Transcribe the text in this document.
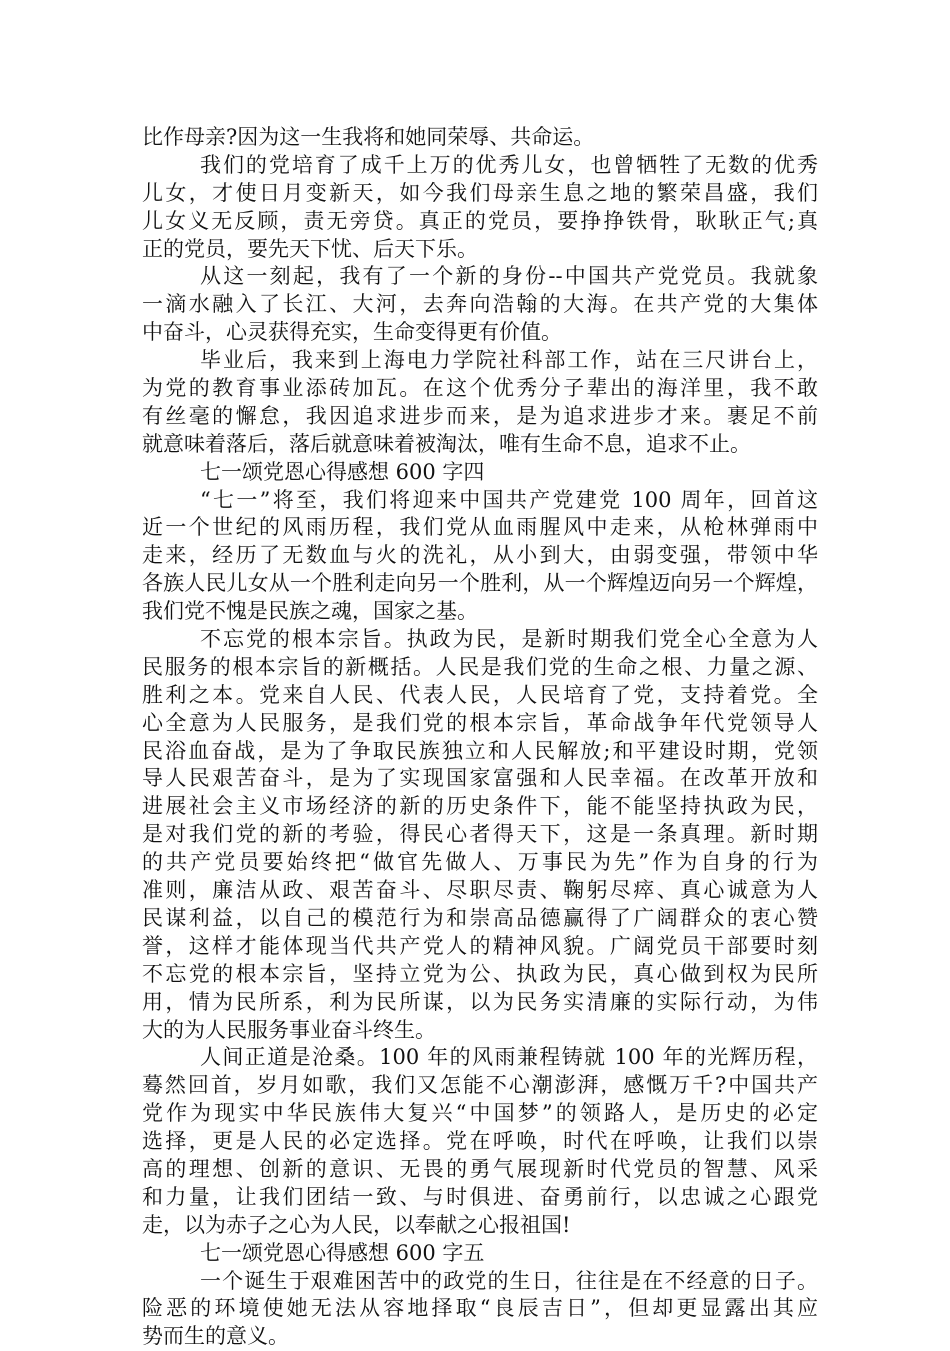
比作母亲?因为这一生我将和她同荣辱、共命运。
我们的党培育了成千上万的优秀儿女，也曾牺牲了无数的优秀
儿女，才使日月变新天，如今我们母亲生息之地的繁荣昌盛，我们
儿女义无反顾，责无旁贷。真正的党员，要挣挣铁骨，耿耿正气;真
正的党员，要先天下忧、后天下乐。
从这一刻起，我有了一个新的身份--中国共产党党员。我就象
一滴水融入了长江、大河，去奔向浩翰的大海。在共产党的大集体
中奋斗，心灵获得充实，生命变得更有价值。
毕业后，我来到上海电力学院社科部工作，站在三尺讲台上，
为党的教育事业添砖加瓦。在这个优秀分子辈出的海洋里，我不敢
有丝毫的懈怠，我因追求进步而来，是为追求进步才来。裹足不前
就意味着落后，落后就意味着被淘汰，唯有生命不息，追求不止。
七一颂党恩心得感想 600 字四
“七一”将至，我们将迎来中国共产党建党 100 周年，回首这
近一个世纪的风雨历程，我们党从血雨腥风中走来，从枪林弹雨中
走来，经历了无数血与火的洗礼，从小到大，由弱变强，带领中华
各族人民儿女从一个胜利走向另一个胜利，从一个辉煌迈向另一个辉煌，
我们党不愧是民族之魂，国家之基。
不忘党的根本宗旨。执政为民，是新时期我们党全心全意为人
民服务的根本宗旨的新概括。人民是我们党的生命之根、力量之源、
胜利之本。党来自人民、代表人民，人民培育了党，支持着党。全
心全意为人民服务，是我们党的根本宗旨，革命战争年代党领导人
民浴血奋战，是为了争取民族独立和人民解放;和平建设时期，党领
导人民艰苦奋斗，是为了实现国家富强和人民幸福。在改革开放和
进展社会主义市场经济的新的历史条件下，能不能坚持执政为民，
是对我们党的新的考验，得民心者得天下，这是一条真理。新时期
的共产党员要始终把“做官先做人、万事民为先”作为自身的行为
准则，廉洁从政、艰苦奋斗、尽职尽责、鞠躬尽瘁、真心诚意为人
民谋利益，以自己的模范行为和崇高品德赢得了广阔群众的衷心赞
誉，这样才能体现当代共产党人的精神风貌。广阔党员干部要时刻
不忘党的根本宗旨，坚持立党为公、执政为民，真心做到权为民所
用，情为民所系，利为民所谋，以为民务实清廉的实际行动，为伟
大的为人民服务事业奋斗终生。
人间正道是沧桑。100 年的风雨兼程铸就 100 年的光辉历程，
蓦然回首，岁月如歌，我们又怎能不心潮澎湃，感慨万千?中国共产
党作为现实中华民族伟大复兴“中国梦”的领路人，是历史的必定
选择，更是人民的必定选择。党在呼唤，时代在呼唤，让我们以崇
高的理想、创新的意识、无畏的勇气展现新时代党员的智慧、风采
和力量，让我们团结一致、与时俱进、奋勇前行，以忠诚之心跟党
走，以为赤子之心为人民，以奉献之心报祖国!
七一颂党恩心得感想 600 字五
一个诞生于艰难困苦中的政党的生日，往往是在不经意的日子。
险恶的环境使她无法从容地择取“良辰吉日”，但却更显露出其应
势而生的意义。
